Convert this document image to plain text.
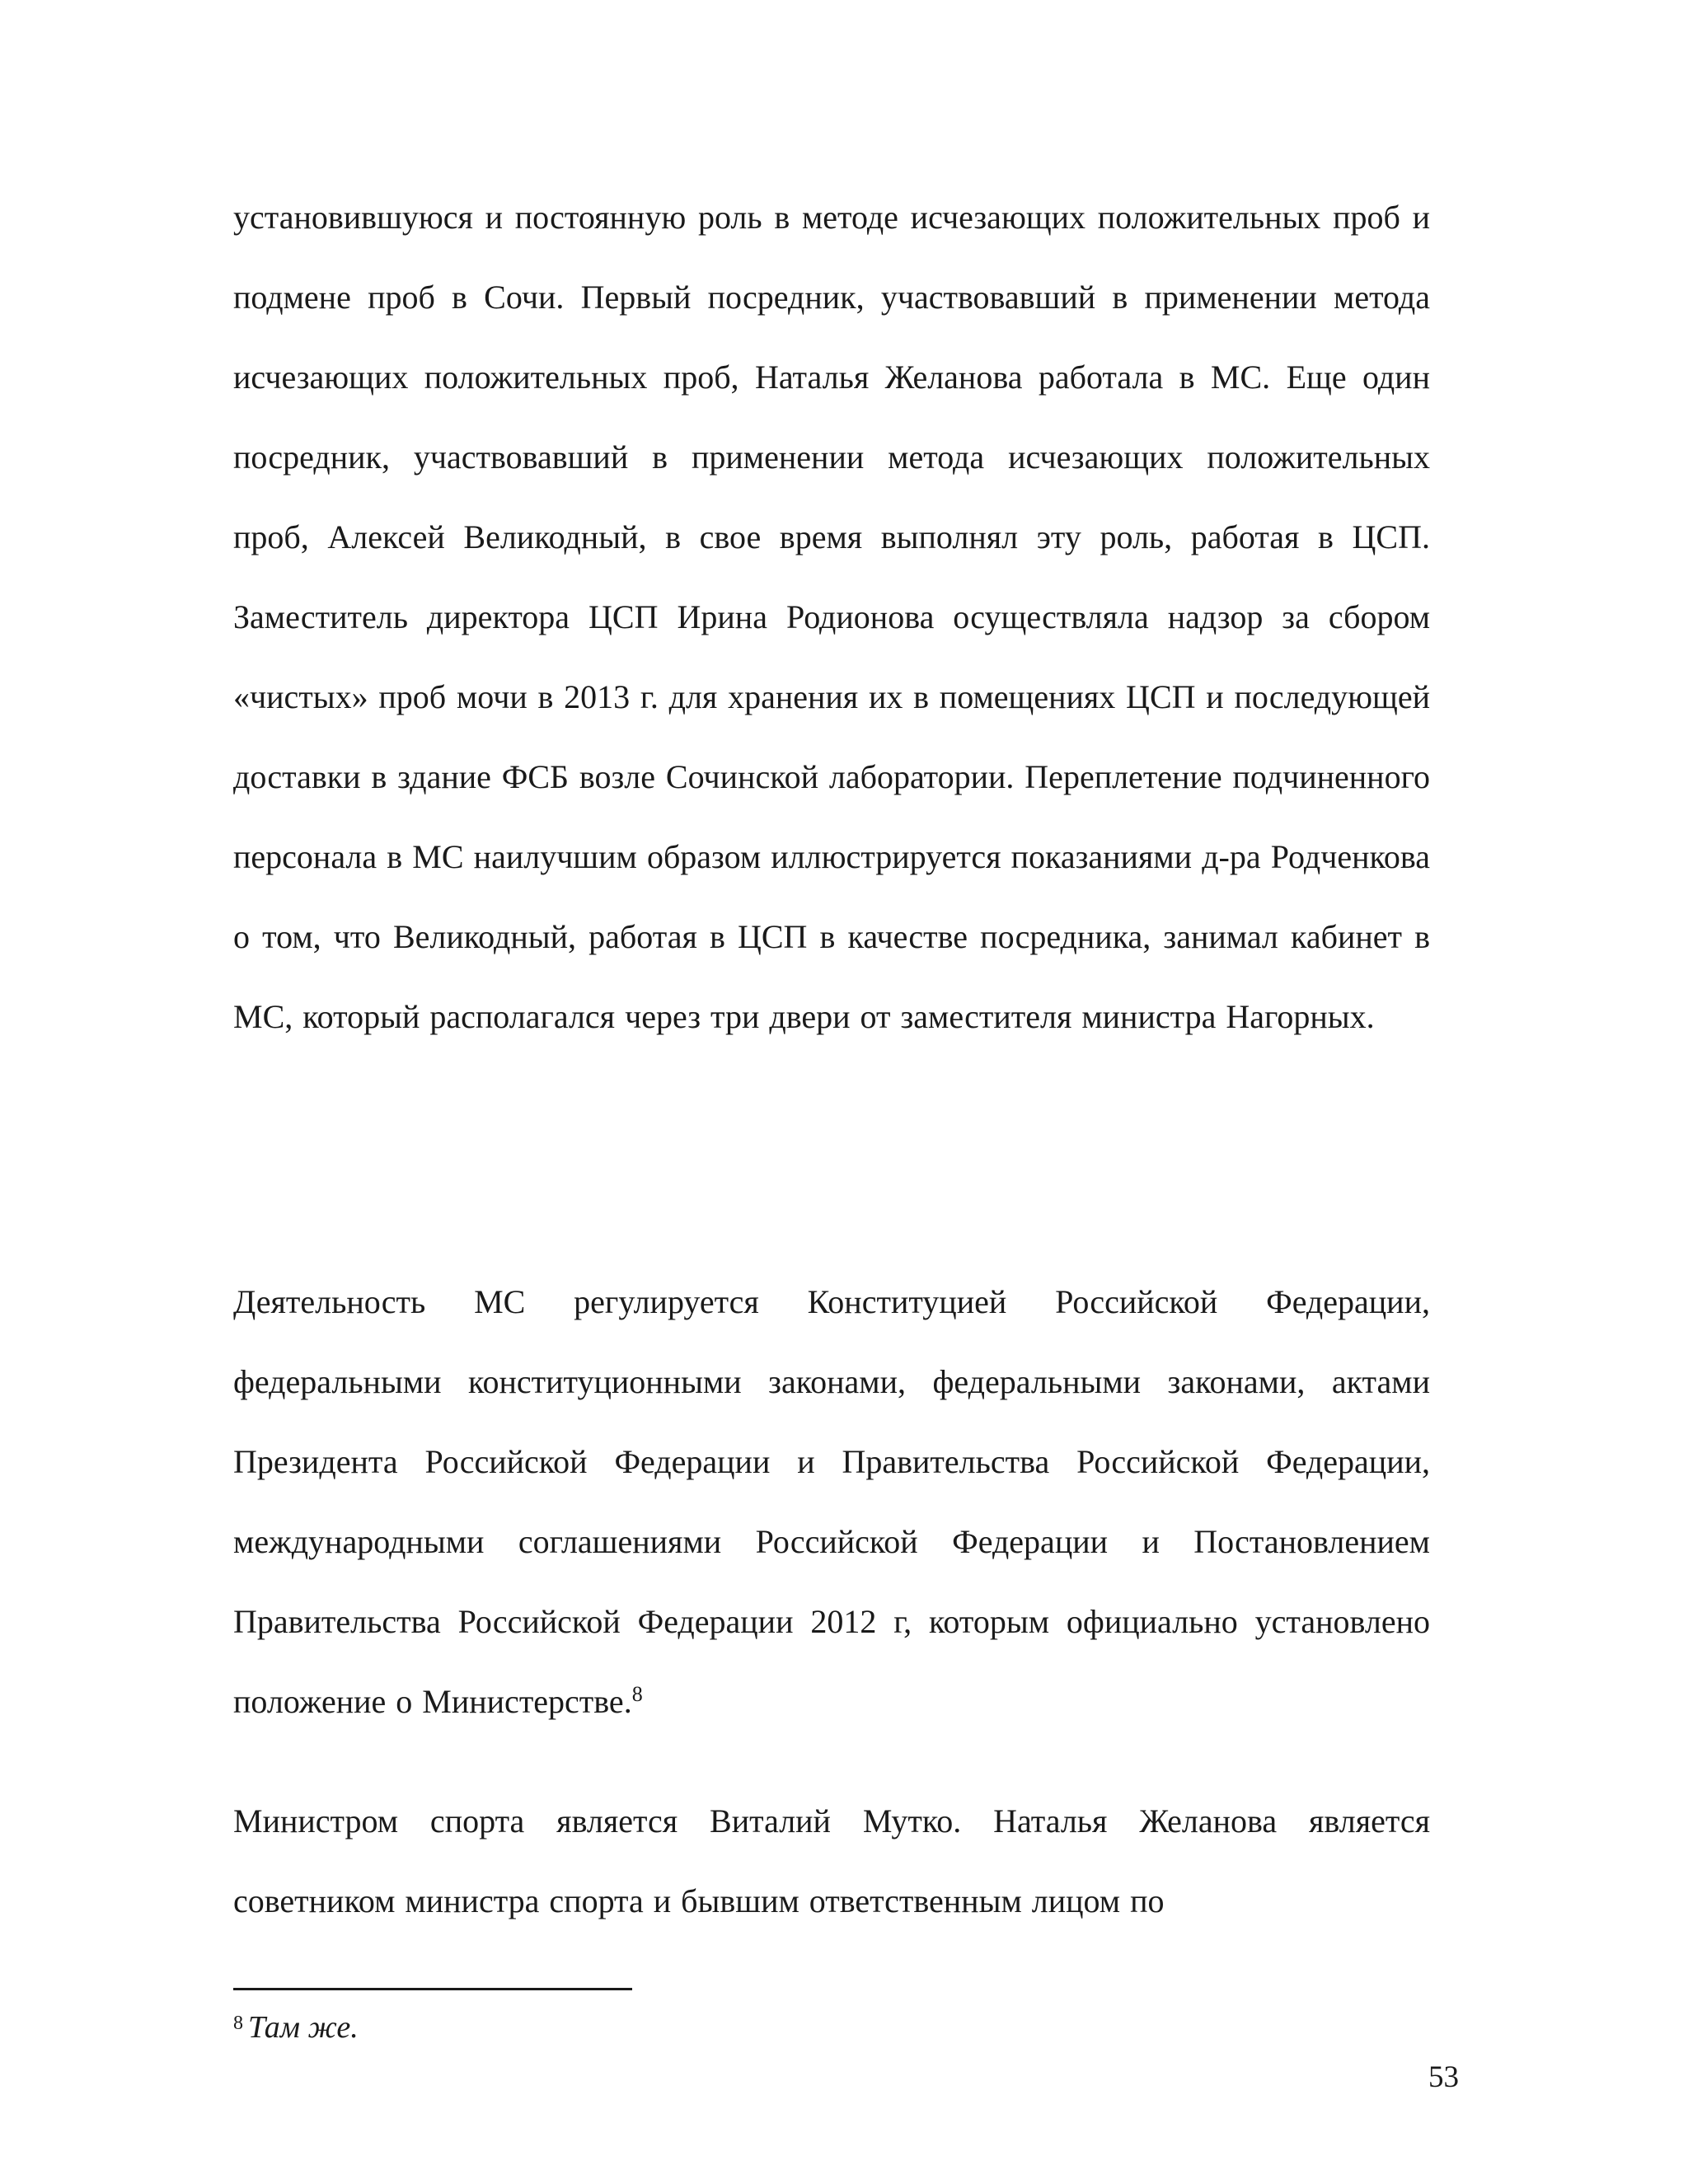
установившуюся и постоянную роль в методе исчезающих положительных проб и подмене проб в Сочи. Первый посредник, участвовавший в применении метода исчезающих положительных проб, Наталья Желанова работала в МС. Еще один посредник, участвовавший в применении метода исчезающих положительных проб, Алексей Великодный, в свое время выполнял эту роль, работая в ЦСП. Заместитель директора ЦСП Ирина Родионова осуществляла надзор за сбором «чистых» проб мочи в 2013 г. для хранения их в помещениях ЦСП и последующей доставки в здание ФСБ возле Сочинской лаборатории. Переплетение подчиненного персонала в МС наилучшим образом иллюстрируется показаниями д-ра Родченкова о том, что Великодный, работая в ЦСП в качестве посредника, занимал кабинет в МС, который располагался через три двери от заместителя министра Нагорных.

Деятельность МС регулируется Конституцией Российской Федерации, федеральными конституционными законами, федеральными законами, актами Президента Российской Федерации и Правительства Российской Федерации, международными соглашениями Российской Федерации и Постановлением Правительства Российской Федерации 2012 г, которым официально установлено положение о Министерстве.$^8$

Министром спорта является Виталий Мутко. Наталья Желанова является советником министра спорта и бывшим ответственным лицом по

$^8$ Там же.
53
